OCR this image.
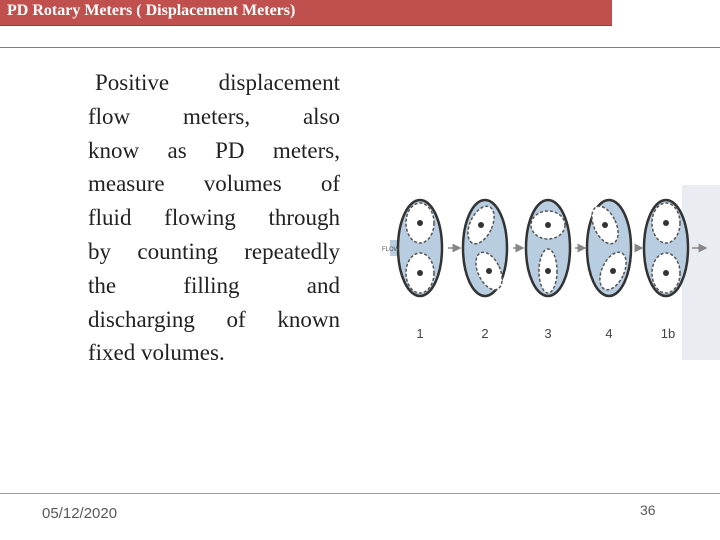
PD Rotary Meters ( Displacement Meters)
Positive displacement
flow meters, also
know as PD meters,
measure volumes of
fluid flowing through
by counting repeatedly
the filling and
discharging of known
fixed volumes.
FLOW
1	2	3	4	1b
05/12/2020	36
